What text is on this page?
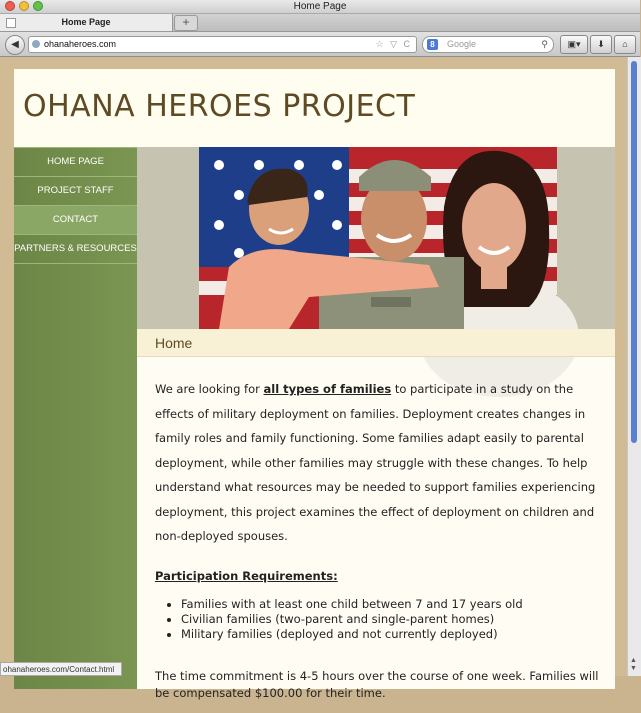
Home Page
Home Page	+
◀	ohanaheroes.com	☆ ▽ C	8	Google	⚲	▣▾	⬇	⌂
OHANA HEROES PROJECT
HOME PAGE
PROJECT STAFF
CONTACT
PARTNERS & RESOURCES
Home

We are looking for all types of families to participate in a study on the effects of military deployment on families. Deployment creates changes in family roles and family functioning. Some families adapt easily to parental deployment, while other families may struggle with these changes. To help understand what resources may be needed to support families experiencing deployment, this project examines the effect of deployment on children and non-deployed spouses.

Participation Requirements:
• Families with at least one child between 7 and 17 years old
• Civilian families (two-parent and single-parent homes)
• Military families (deployed and not currently deployed)

The time commitment is 4-5 hours over the course of one week. Families will be compensated $100.00 for their time.

▲ ▼
ohanaheroes.com/Contact.html
